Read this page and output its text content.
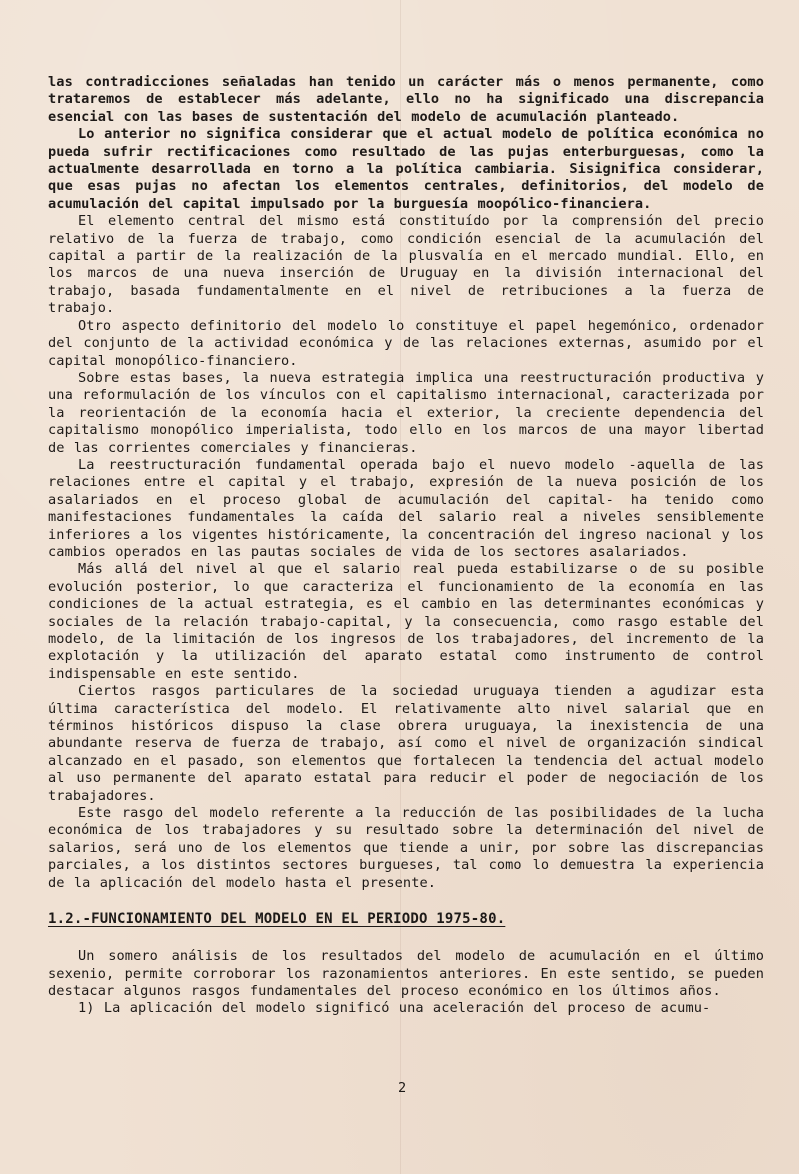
las contradicciones señaladas han tenido un carácter más o menos permanente, como trataremos de establecer más adelante, ello no ha significado una discrepancia esencial con las bases de sustentación del modelo de acumulación planteado.

Lo anterior no significa considerar que el actual modelo de política económica no pueda sufrir rectificaciones como resultado de las pujas enterburguesas, como la actualmente desarrollada en torno a la política cambiaria. Sisignifica considerar, que esas pujas no afectan los elementos centrales, definitorios, del modelo de acumulación del capital impulsado por la burguesía moopólico-financiera.

El elemento central del mismo está constituído por la comprensión del precio relativo de la fuerza de trabajo, como condición esencial de la acumulación del capital a partir de la realización de la plusvalía en el mercado mundial. Ello, en los marcos de una nueva inserción de Uruguay en la división internacional del trabajo, basada fundamentalmente en el nivel de retribuciones a la fuerza de trabajo.

Otro aspecto definitorio del modelo lo constituye el papel hegemónico, ordenador del conjunto de la actividad económica y de las relaciones externas, asumido por el capital monopólico-financiero.

Sobre estas bases, la nueva estrategia implica una reestructuración productiva y una reformulación de los vínculos con el capitalismo internacional, caracterizada por la reorientación de la economía hacia el exterior, la creciente dependencia del capitalismo monopólico imperialista, todo ello en los marcos de una mayor libertad de las corrientes comerciales y financieras.

La reestructuración fundamental operada bajo el nuevo modelo -aquella de las relaciones entre el capital y el trabajo, expresión de la nueva posición de los asalariados en el proceso global de acumulación del capital- ha tenido como manifestaciones fundamentales la caída del salario real a niveles sensiblemente inferiores a los vigentes históricamente, la concentración del ingreso nacional y los cambios operados en las pautas sociales de vida de los sectores asalariados.

Más allá del nivel al que el salario real pueda estabilizarse o de su posible evolución posterior, lo que caracteriza el funcionamiento de la economía en las condiciones de la actual estrategia, es el cambio en las determinantes económicas y sociales de la relación trabajo-capital, y la consecuencia, como rasgo estable del modelo, de la limitación de los ingresos de los trabajadores, del incremento de la explotación y la utilización del aparato estatal como instrumento de control indispensable en este sentido.

Ciertos rasgos particulares de la sociedad uruguaya tienden a agudizar esta última característica del modelo. El relativamente alto nivel salarial que en términos históricos dispuso la clase obrera uruguaya, la inexistencia de una abundante reserva de fuerza de trabajo, así como el nivel de organización sindical alcanzado en el pasado, son elementos que fortalecen la tendencia del actual modelo al uso permanente del aparato estatal para reducir el poder de negociación de los trabajadores.

Este rasgo del modelo referente a la reducción de las posibilidades de la lucha económica de los trabajadores y su resultado sobre la determinación del nivel de salarios, será uno de los elementos que tiende a unir, por sobre las discrepancias parciales, a los distintos sectores burgueses, tal como lo demuestra la experiencia de la aplicación del modelo hasta el presente.

1.2.-FUNCIONAMIENTO DEL MODELO EN EL PERIODO 1975-80.

Un somero análisis de los resultados del modelo de acumulación en el último sexenio, permite corroborar los razonamientos anteriores. En este sentido, se pueden destacar algunos rasgos fundamentales del proceso económico en los últimos años.

1) La aplicación del modelo significó una aceleración del proceso de acumu-

2
